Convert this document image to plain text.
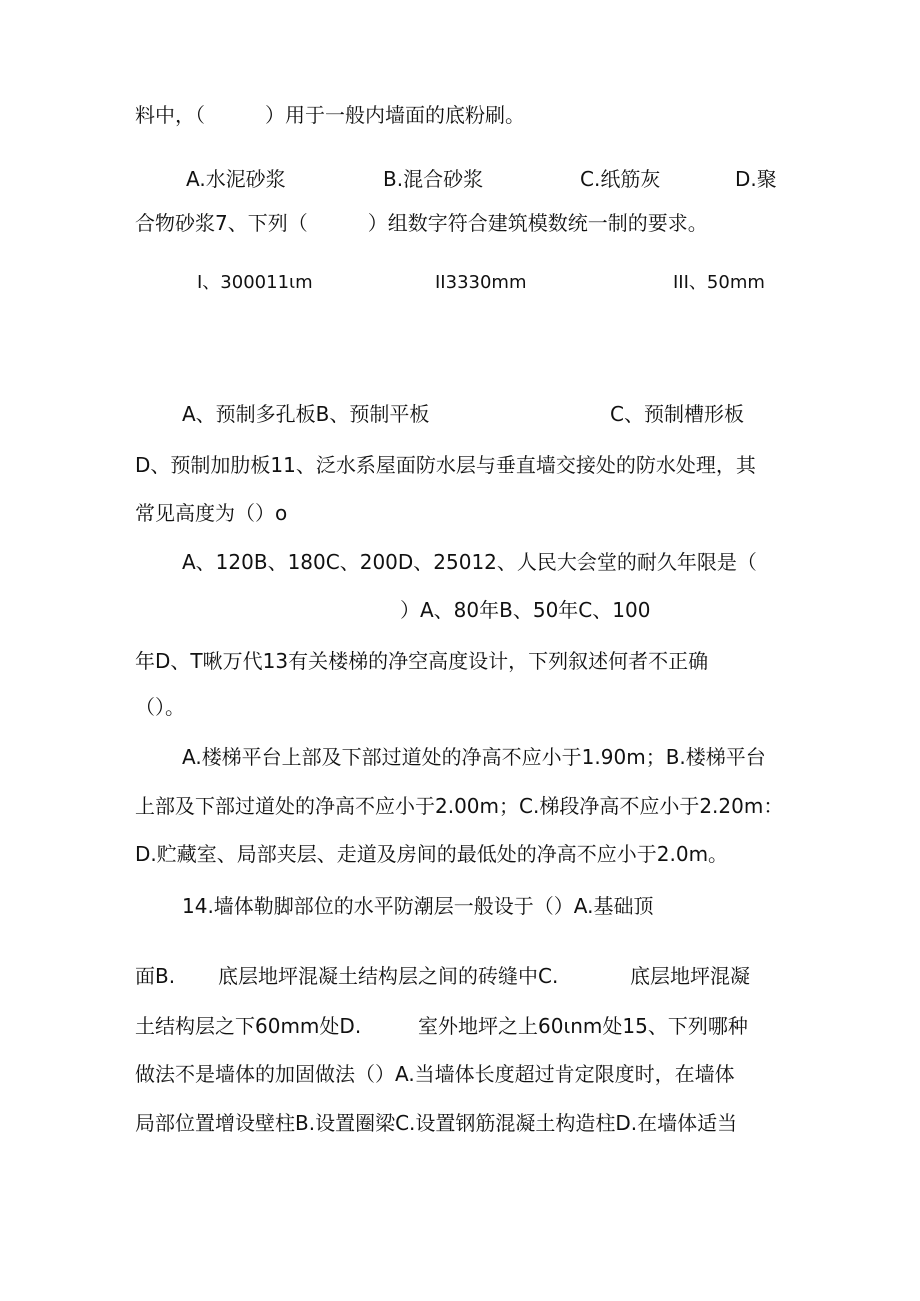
料中，（　　　）用于一般内墙面的底粉刷。
A.水泥砂浆	B.混合砂浆	C.纸筋灰	D.聚
合物砂浆7、下列（　　　）组数字符合建筑模数统一制的要求。
I、300011ιm	II3330mm	III、50mm
A、预制多孔板B、预制平板	C、预制槽形板
D、预制加肋板11、泛水系屋面防水层与垂直墙交接处的防水处理，其
常见高度为（）o
A、120B、180C、200D、25012、人民大会堂的耐久年限是（
）A、80年B、50年C、100
年D、T啾万代13有关楼梯的净空高度设计，下列叙述何者不正确
（）。
A.楼梯平台上部及下部过道处的净高不应小于1.90m；B.楼梯平台
上部及下部过道处的净高不应小于2.00m；C.梯段净高不应小于2.20m：
D.贮藏室、局部夹层、走道及房间的最低处的净高不应小于2.0m。
14.墙体勒脚部位的水平防潮层一般设于（）A.基础顶
面B. 底层地坪混凝土结构层之间的砖缝中C.	底层地坪混凝
土结构层之下60mm处D.	室外地坪之上60ιnm处15、下列哪种
做法不是墙体的加固做法（）A.当墙体长度超过肯定限度时，在墙体
局部位置增设壁柱B.设置圈梁C.设置钢筋混凝土构造柱D.在墙体适当
